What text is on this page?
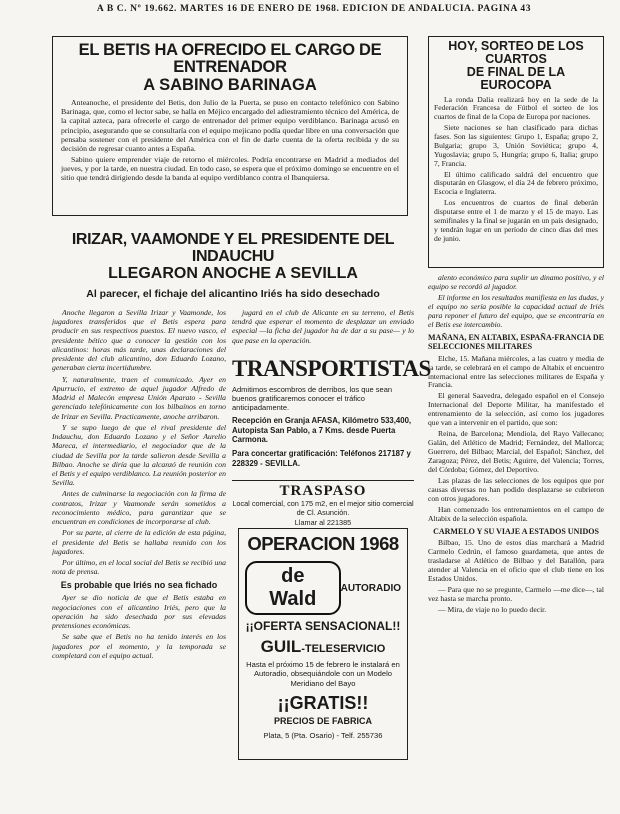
A B C. Nº 19.662. MARTES 16 DE ENERO DE 1968. EDICION DE ANDALUCIA. PAGINA 43
EL BETIS HA OFRECIDO EL CARGO DE ENTRENADOR
A SABINO BARINAGA

Anteanoche, el presidente del Betis, don Julio de la Puerta, se puso en contacto telefónico con Sabino Barinaga, que, como el lector sabe, se halla en Méjico encargado del adiestramiento técnico del América, de la capital azteca, para ofrecerle el cargo de entrenador del primer equipo verdiblanco. Barinaga acusó en principio, asegurando que se consultaría con el equipo mejicano podía quedar libre en una conversación que pensaba sostener con el presidente del América con el fin de darle cuenta de la oferta recibida y de su decisión de regresar cuanto antes a España.

Sabino quiere emprender viaje de retorno el miércoles. Podría encontrarse en Madrid a mediados del jueves, y por la tarde, en nuestra ciudad. En todo caso, se espera que el próximo domingo se encuentre en el sitio que tendrá dirigiendo desde la banda al equipo verdiblanco contra el Ibanquiersa.

HOY, SORTEO DE LOS CUARTOS
DE FINAL DE LA EUROCOPA

La ronda Dalia realizará hoy en la sede de la Federación Francesa de Fútbol el sorteo de los cuartos de final de la Copa de Europa por naciones.

Siete naciones se han clasificado para dichas fases. Son las siguientes: Grupo 1, España; grupo 2, Bulgaria; grupo 3, Unión Soviética; grupo 4, Yugoslavia; grupo 5, Hungría; grupo 6, Italia; grupo 7, Francia.

El último calificado saldrá del encuentro que disputarán en Glasgow, el día 24 de febrero próximo, Escocia e Inglaterra.

Los encuentros de cuartos de final deberán disputarse entre el 1 de marzo y el 15 de mayo. Las semifinales y la final se jugarán en un país designado, y tendrán lugar en un período de cinco días del mes de junio.

IRIZAR, VAAMONDE Y EL PRESIDENTE DEL INDAUCHU
LLEGARON ANOCHE A SEVILLA
Al parecer, el fichaje del alicantino Iriés ha sido desechado

Anoche llegaron a Sevilla Irizar y Vaamonde, los jugadores transferidos que el Betis espera para producir en sus respectivos puestos. El nuevo vasco, el presidente bético que a conocer la gestión con los alicantinos: horas más tarde, unas declaraciones del presidente del club alicantino, don Eduardo Lozano, generaban cierta incertidumbre.

Y, naturalmente, traen el comunicado. Ayer en Apurrucio, el extremo de aquel jugador Alfredo de Madrid el Malecón empresa Unión Aparato - Sevilla gerenciado telefónicamente con los bilbaínos en torno de Irizar en Sevilla. Practicamente, anoche arribaron.

Y se supo luego de que el rival presidente del Indauchu, don Eduardo Lozano y el Señor Aurelio Mareca, el intermediario, el negociador que de la ciudad de Sevilla por la tarde salieron desde Sevilla a Bilbao. Anoche se diría que la alcanzó de reunión con el Betis y el equipo verdiblanco. La reunión posterior en Sevilla.

Antes de culminarse la negociación con la firma de contratos, Irizar y Vaamonde serán sometidos a reconocimiento médico, para garantizar que se encuentran en condiciones de incorporarse al club.

Por su parte, al cierre de la edición de esta página, el presidente del Betis se hallaba reunido con los jugadores.

Por último, en el local social del Betis se recibió una nota de prensa.

Es probable que Iriés no sea fichado

Ayer se dio noticia de que el Betis estaba en negociaciones con el alicantino Iriés, pero que la operación ha sido desechada por sus elevadas pretensiones económicas.

Se sabe que el Betis no ha tenido interés en los jugadores por el momento, y la temporada se completará con el equipo actual.

jugará en el club de Alicante en su terreno, el Betis tendrá que esperar el momento de desplazar un enviado especial —la ficha del jugador ha de dar a su pase— y lo que pase en la operación.
TRANSPORTISTAS
Admitimos escombros de derribos, los que sean buenos gratificaremos conocer el tráfico anticipadamente.
Recepción en Granja AFASA, Kilómetro 533,400, Autopista San Pablo, a 7 Kms. desde Puerta Carmona.
Para concertar gratificación: Teléfonos 217187 y 228329 - SEVILLA.
TRASPASO
Local comercial, con 175 m2, en el mejor sitio comercial de Cl. Asunción.
Llamar al 221385
OPERACION 1968
de Wald	AUTORADIO
¡¡OFERTA SENSACIONAL!!
GUIL -TELESERVICIO
Hasta el próximo 15 de febrero le instalará en Autoradio, obsequiándole con un Modelo Meridiano del Bayo
¡¡GRATIS!!
PRECIOS DE FABRICA
Plata, 5 (Pta. Osario) - Telf. 255736

alento económico para suplir un dinamo positivo, y el equipo se recordó al jugador.

El informe en los resultados manifiesta en las dudas, y el equipo no sería posible la capacidad actual de Iriés para reponer el futuro del equipo, que se encontraría en el Betis ese intercambio.

MAÑANA, EN ALTABIX, ESPAÑA-FRANCIA DE SELECCIONES MILITARES

Elche, 15. Mañana miércoles, a las cuatro y media de la tarde, se celebrará en el campo de Altabix el encuentro internacional entre las selecciones militares de España y Francia.

El general Saavedra, delegado español en el Consejo Internacional del Deporte Militar, ha manifestado el entrenamiento de la selección, así como los jugadores que van a intervenir en el partido, que son:

Reina, de Barcelona; Mendiola, del Rayo Vallecano; Galán, del Atlético de Madrid; Fernández, del Mallorca; Guerrero, del Bilbao; Marcial, del Español; Sánchez, del Zaragoza; Pérez, del Betis; Aguirre, del Valencia; Torres, del Córdoba; Gómez, del Deportivo.

Las plazas de las selecciones de los equipos que por causas diversas no han podido desplazarse se cubrieron con otros jugadores.

Han comenzado los entrenamientos en el campo de Altabix de la selección española.

CARMELO Y SU VIAJE A ESTADOS UNIDOS

Bilbao, 15. Uno de estos días marchará a Madrid Carmelo Cedrún, el famoso guardameta, que antes de trasladarse al Atlético de Bilbao y del Batallón, para atender al Valencia en el oficio que el club tiene en los Estados Unidos.

— Para que no se pregunte, Carmelo —me dice—, tal vez hasta se marcha pronto.

— Mira, de viaje no lo puedo decir.
